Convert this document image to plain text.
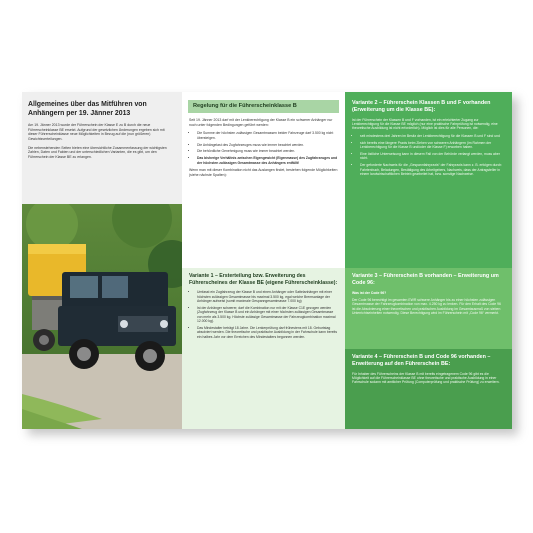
Allgemeines über das Mitführen von Anhängern per 19. Jänner 2013

Am 19. Jänner 2013 wurde der Führerschein der Klasse E zu B durch die neue Führerscheinklasse BE ersetzt. Aufgrund der gesetzlichen Änderungen ergeben sich mit dieser Führerscheinklasse neue Möglichkeiten in Bezug auf die (nun größeren) Gewichtsverteilungen.

Die nebenstehenden Seiten bieten eine übersichtliche Zusammenfassung der wichtigsten Zahlen, Daten und Fakten und der unterschiedlichen Varianten, die es gibt, um den Führerschein der Klasse BE zu erlangen.

Regelung für die Führerscheinklasse B

Seit 19. Jänner 2013 darf mit der Lenkberechtigung der Klasse B ein schwerer Anhänger nur noch unter folgenden Bedingungen geführt werden:

• Die Summe der höchsten zulässigen Gesamtmassen beider Fahrzeuge darf 3.500 kg nicht übersteigen.
• Die Anhängelast des Zugfahrzeuges muss wie immer beachtet werden.
• Die behördliche Genehmigung muss wie immer beachtet werden.
• Das bisherige Verhältnis zwischen Eigengewicht (Eigenmasse) des Zugfahrzeuges und der höchsten zulässigen Gesamtmasse des Anhängers entfällt!

Wenn man mit dieser Kombination nicht das Auslangen findet, bestehen folgende Möglichkeiten (siehe nächste Spalten):

Variante 1 – Ersterteilung bzw. Erweiterung des Führerscheines der Klasse BE (eigene Führerscheinklasse):
• Umfasst ein Zugfahrzeug der Klasse B und einen Anhänger oder Sattelanhänger mit einer höchsten zulässigen Gesamtmasse bis maximal 3.500 kg, egal welche Bremsanlage der Anhänger aufweist (somit maximale Gespanngesamtmasse 7.000 kg)
• Ist der Anhänger schwerer, darf die Kombination nur mit der Klasse C1E gezogen werden (Zugfahrzeug der Klasse B und ein Anhänger mit einer höchsten zulässigen Gesamtmasse von mehr als 3.500 kg. Höchste zulässige Gesamtmasse der Fahrzeugkombination maximal 12.000 kg).
• Das Mindestalter beträgt 18 Jahre. Die Lenkerprüfung darf frühestens mit 18. Geburtstag absolviert werden. Die theoretische und praktische Ausbildung in der Fahrschule kann bereits ein halbes Jahr vor dem Erreichen des Mindestalters begonnen werden.
Variante 2 – Führerschein Klassen B und F vorhanden (Erweiterung um die Klasse BE):

Ist der Führerschein der Klassen B und F vorhanden, ist ein erleichterter Zugang zur Lenkberechtigung für die Klasse BE möglich (nur eine praktische Fahrprüfung ist notwendig, eine theoretische Ausbildung ist nicht erforderlich). Möglich ist dies für alle Personen, die:

• seit mindestens drei Jahren im Besitz der Lenkberechtigung für die Klassen B und F sind und
• sich bereits eine längere Praxis beim Ziehen von schweren Anhängern (im Rahmen der Lenkberechtigung für die Klasse B und/oder die Klasse F) erworben haben.
• Eine östliche Unterweisung kann in diesem Fall von der Behörde verlangt werden, muss aber nicht.
• Der geforderte Nachweis für die „Gespannfahrpraxis“ der Fahrpraxis kann z. B. erfolgen durch: Fahrtenbuch, Beladungen, Bestätigung des Arbeitgebers, Nachweis, dass der Antragsteller in einem landwirtschaftlichen Betrieb gearbeitet hat, bzw. sonstige Nachweise.
Variante 3 – Führerschein B vorhanden – Erweiterung um Code 96:

Was ist der Code 96?

Der Code 96 berechtigt im gesamten EWR schwere Anhänger bis zu einer höchsten zulässigen Gesamtmasse der Fahrzeugkombination von max. 4.250 kg zu lenken. Für den Erhalt des Code 96 ist die Absolvierung einer theoretischen und praktischen Ausbildung im Gesamtausmaß von sieben Unterrichtseinheiten notwendig. Diese Berechtigung wird im Führerschein mit „Code 96“ vermerkt.

Variante 4 – Führerschein B und Code 96 vorhanden – Erweiterung auf den Führerschein BE:

Für Inhaber des Führerscheins der Klasse B mit bereits eingetragenem Code 96 gibt es die Möglichkeit auf die Führerscheinklasse BE ohne theoretische und praktische Ausbildung in einer Fahrschule sodann mit amtlicher Prüfung (Computerprüfung und praktische Prüfung) zu erweitern.
